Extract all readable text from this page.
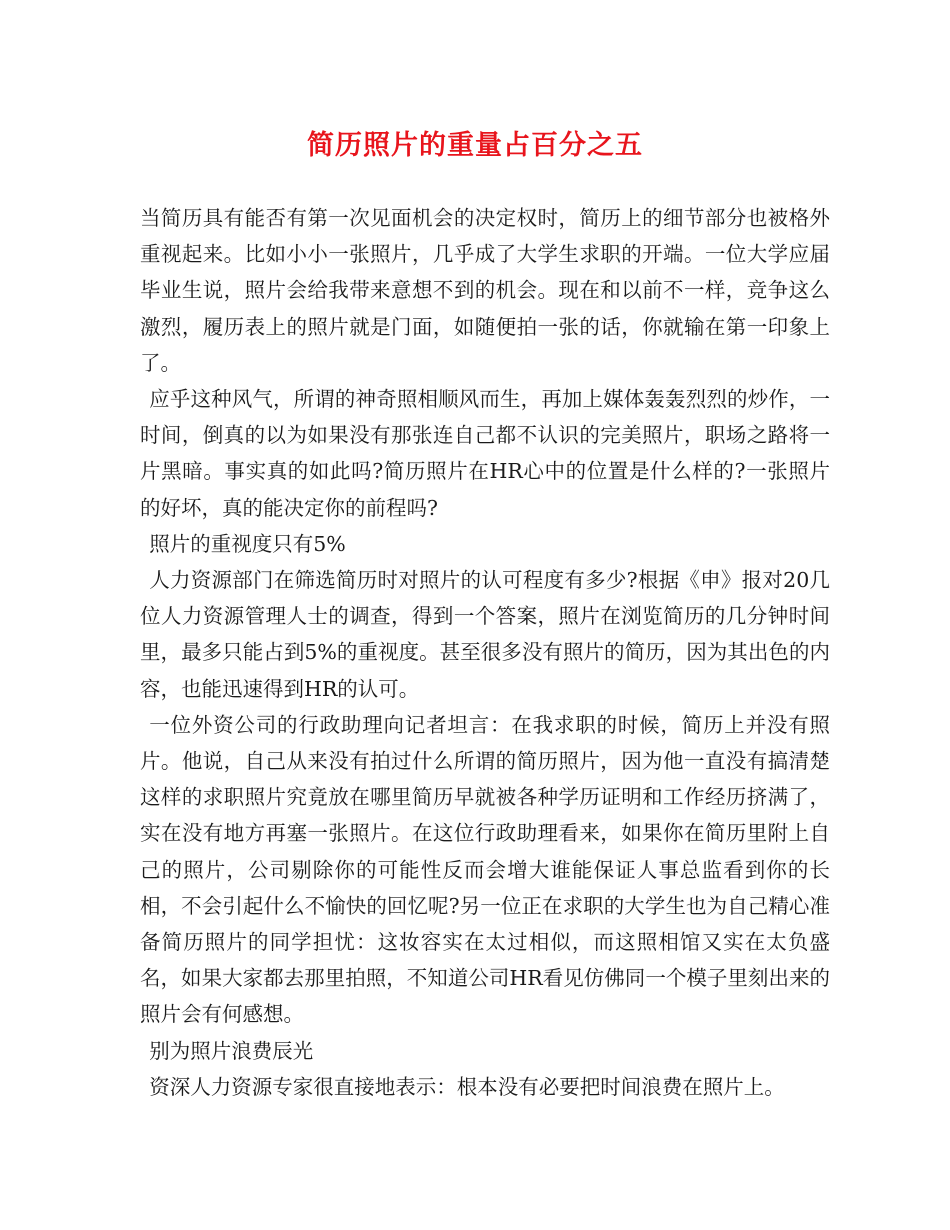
简历照片的重量占百分之五

当简历具有能否有第一次见面机会的决定权时，简历上的细节部分也被格外重视起来。比如小小一张照片，几乎成了大学生求职的开端。一位大学应届毕业生说，照片会给我带来意想不到的机会。现在和以前不一样，竞争这么激烈，履历表上的照片就是门面，如随便拍一张的话，你就输在第一印象上了。

应乎这种风气，所谓的神奇照相顺风而生，再加上媒体轰轰烈烈的炒作，一时间，倒真的以为如果没有那张连自己都不认识的完美照片，职场之路将一片黑暗。事实真的如此吗?简历照片在HR心中的位置是什么样的?一张照片的好坏，真的能决定你的前程吗?

照片的重视度只有5%

人力资源部门在筛选简历时对照片的认可程度有多少?根据《申》报对20几位人力资源管理人士的调查，得到一个答案，照片在浏览简历的几分钟时间里，最多只能占到5%的重视度。甚至很多没有照片的简历，因为其出色的内容，也能迅速得到HR的认可。

一位外资公司的行政助理向记者坦言：在我求职的时候，简历上并没有照片。他说，自己从来没有拍过什么所谓的简历照片，因为他一直没有搞清楚这样的求职照片究竟放在哪里简历早就被各种学历证明和工作经历挤满了，实在没有地方再塞一张照片。在这位行政助理看来，如果你在简历里附上自己的照片，公司剔除你的可能性反而会增大谁能保证人事总监看到你的长相，不会引起什么不愉快的回忆呢?另一位正在求职的大学生也为自己精心准备简历照片的同学担忧：这妆容实在太过相似，而这照相馆又实在太负盛名，如果大家都去那里拍照，不知道公司HR看见仿佛同一个模子里刻出来的照片会有何感想。

别为照片浪费辰光

资深人力资源专家很直接地表示：根本没有必要把时间浪费在照片上。
